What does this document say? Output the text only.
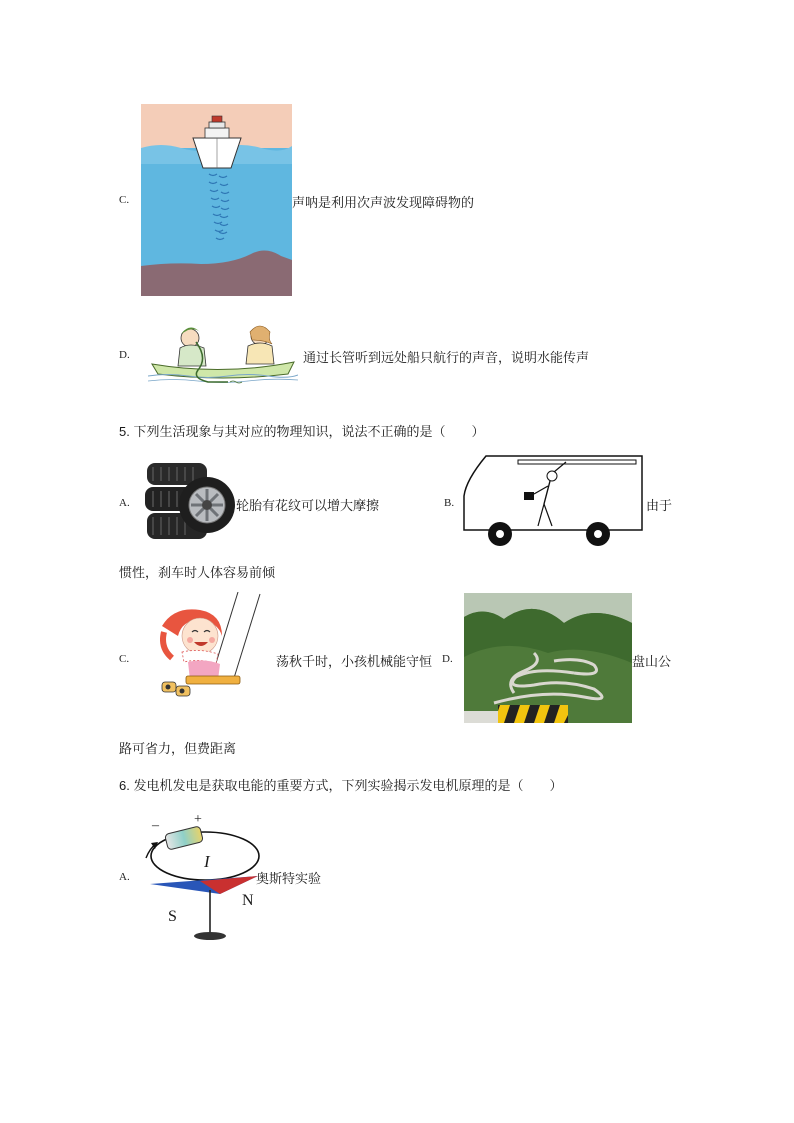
C.	声呐是利用次声波发现障碍物的
D.	通过长管听到远处船只航行的声音，说明水能传声
5. 下列生活现象与其对应的物理知识，说法不正确的是（　　）
A.	轮胎有花纹可以增大摩擦	B.	由于
惯性，刹车时人体容易前倾
C.	荡秋千时，小孩机械能守恒 D.	盘山公
路可省力，但费距离
6. 发电机发电是获取电能的重要方式，下列实验揭示发电机原理的是（　　）
A.
–	+
I
S
N
奥斯特实验
